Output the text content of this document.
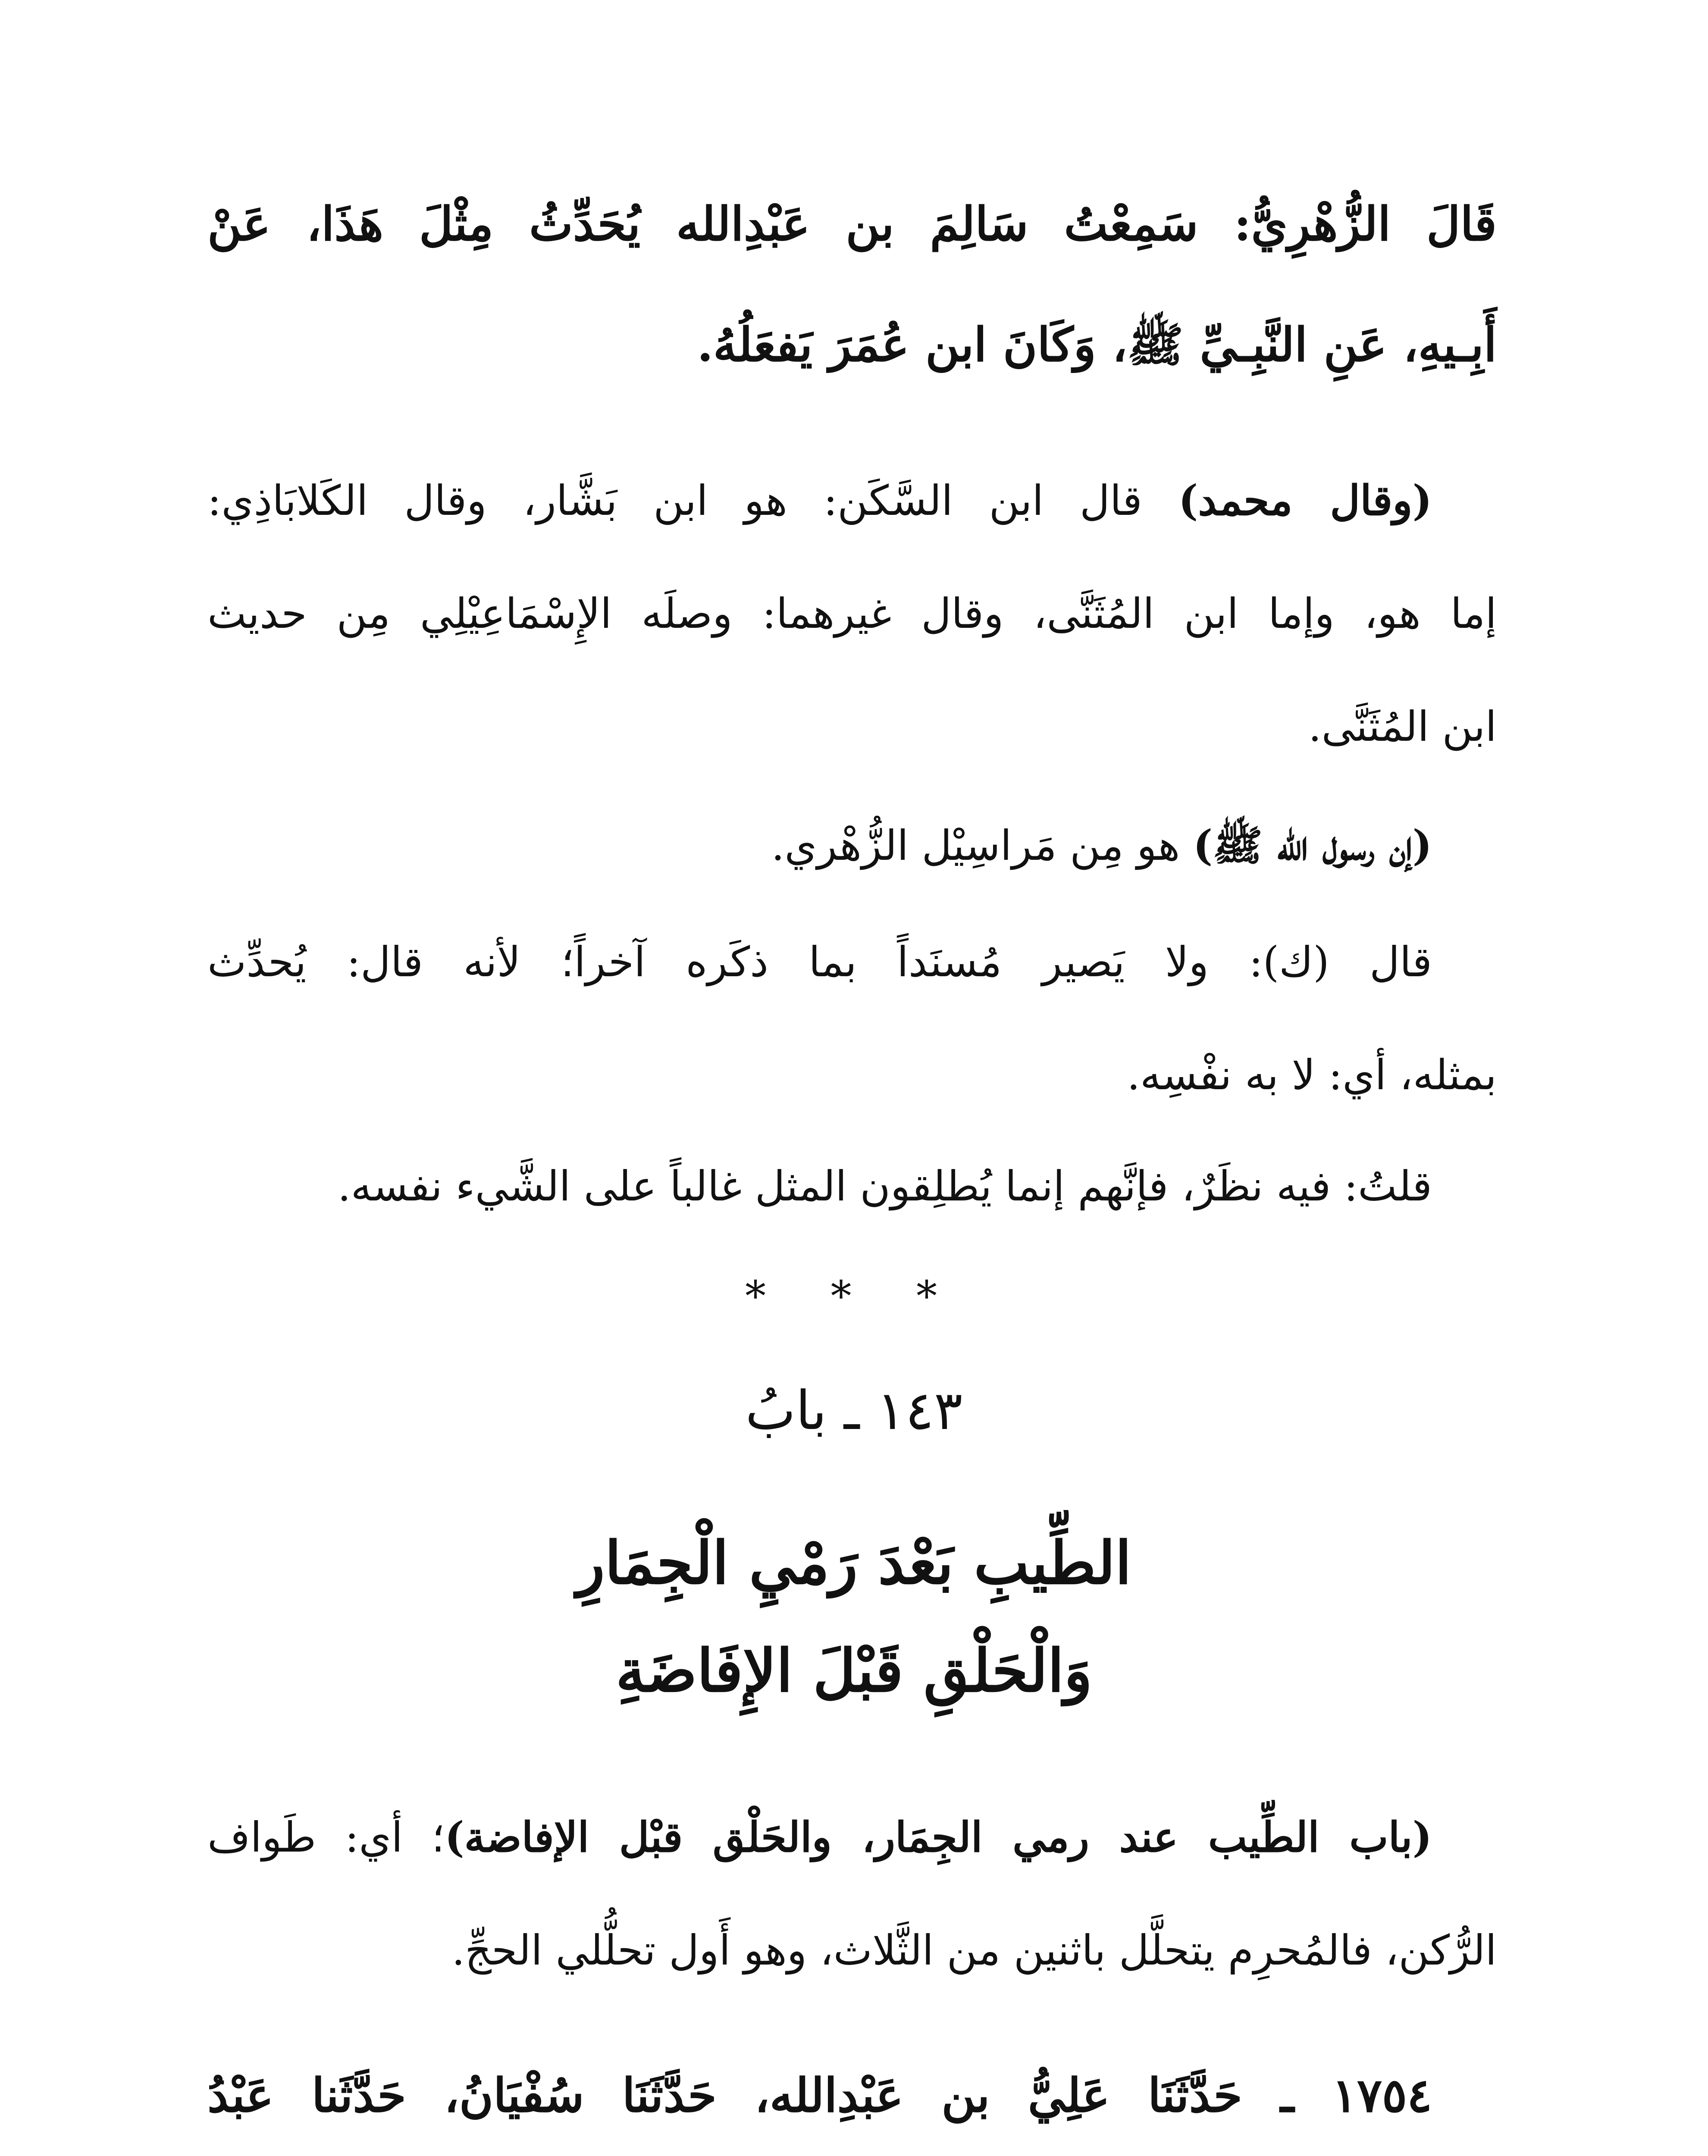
قَالَ الزُّهْرِيُّ: سَمِعْتُ سَالِمَ بن عَبْدِالله يُحَدِّثُ مِثْلَ هَذَا، عَنْ
أَبِـيهِ، عَنِ النَّبِـيِّ ﷺ، وَكَانَ ابن عُمَرَ يَفعَلُهُ.
(وقال محمد) قال ابن السَّكَن: هو ابن بَشَّار، وقال الكَلابَاذِي:
إما هو، وإما ابن المُثَنَّى، وقال غيرهما: وصلَه الإِسْمَاعِيْلِي مِن حديث
ابن المُثَنَّى.
(إن رسول الله ﷺ) هو مِن مَراسِيْل الزُّهْري.
قال (ك): ولا يَصير مُسنَداً بما ذكَره آخراً؛ لأنه قال: يُحدِّث
بمثله، أي: لا به نفْسِه.
قلتُ: فيه نظَرٌ، فإنَّهم إنما يُطلِقون المثل غالباً على الشَّيء نفسه.
* * *
١٤٣ ـ بابُ
الطِّيبِ بَعْدَ رَمْيِ الْجِمَارِ
وَالْحَلْقِ قَبْلَ الإِفَاضَةِ
(باب الطِّيب عند رمي الجِمَار، والحَلْق قبْل الإفاضة)؛ أي: طَواف
الرُّكن، فالمُحرِم يتحلَّل باثنين من الثَّلاث، وهو أَول تحلُّلي الحجِّ.
١٧٥٤ ـ حَدَّثَنَا عَلِيُّ بن عَبْدِالله، حَدَّثَنَا سُفْيَانُ، حَدَّثَنا عَبْدُ
